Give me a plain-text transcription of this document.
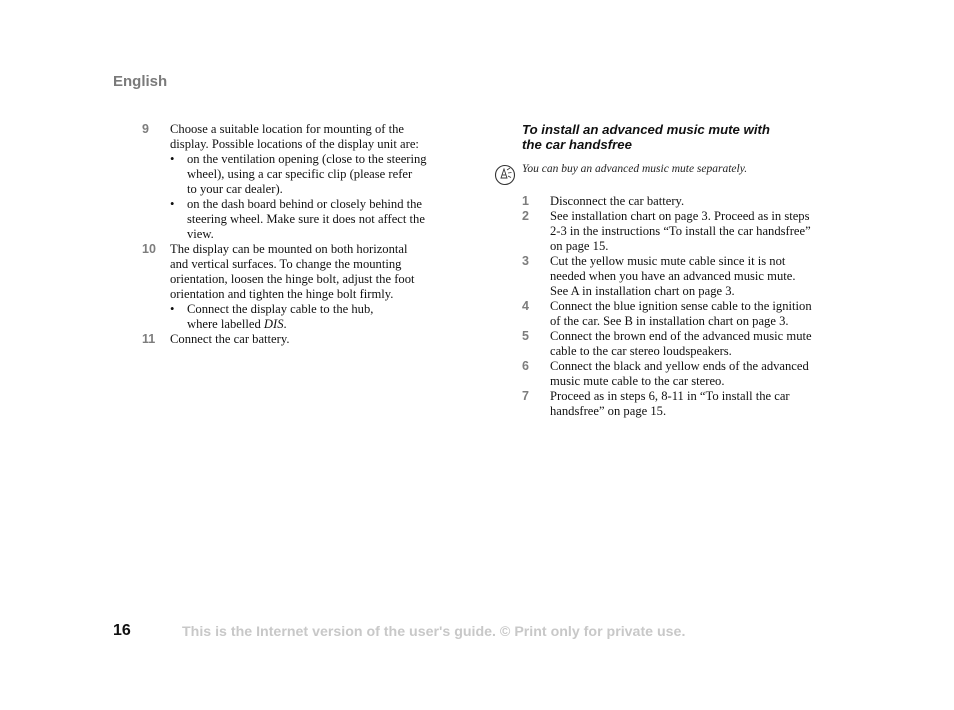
English
9 Choose a suitable location for mounting of the
display. Possible locations of the display unit are:
• on the ventilation opening (close to the steering
wheel), using a car specific clip (please refer
to your car dealer).
• on the dash board behind or closely behind the
steering wheel. Make sure it does not affect the
view.
10 The display can be mounted on both horizontal
and vertical surfaces. To change the mounting
orientation, loosen the hinge bolt, adjust the foot
orientation and tighten the hinge bolt firmly.
• Connect the display cable to the hub,
where labelled DIS.
11 Connect the car battery.
To install an advanced music mute with
the car handsfree
You can buy an advanced music mute separately.
1 Disconnect the car battery.
2 See installation chart on page 3. Proceed as in steps
2-3 in the instructions “To install the car handsfree”
on page 15.
3 Cut the yellow music mute cable since it is not
needed when you have an advanced music mute.
See A in installation chart on page 3.
4 Connect the blue ignition sense cable to the ignition
of the car. See B in installation chart on page 3.
5 Connect the brown end of the advanced music mute
cable to the car stereo loudspeakers.
6 Connect the black and yellow ends of the advanced
music mute cable to the car stereo.
7 Proceed as in steps 6, 8-11 in “To install the car
handsfree” on page 15.
16	This is the Internet version of the user's guide. © Print only for private use.
